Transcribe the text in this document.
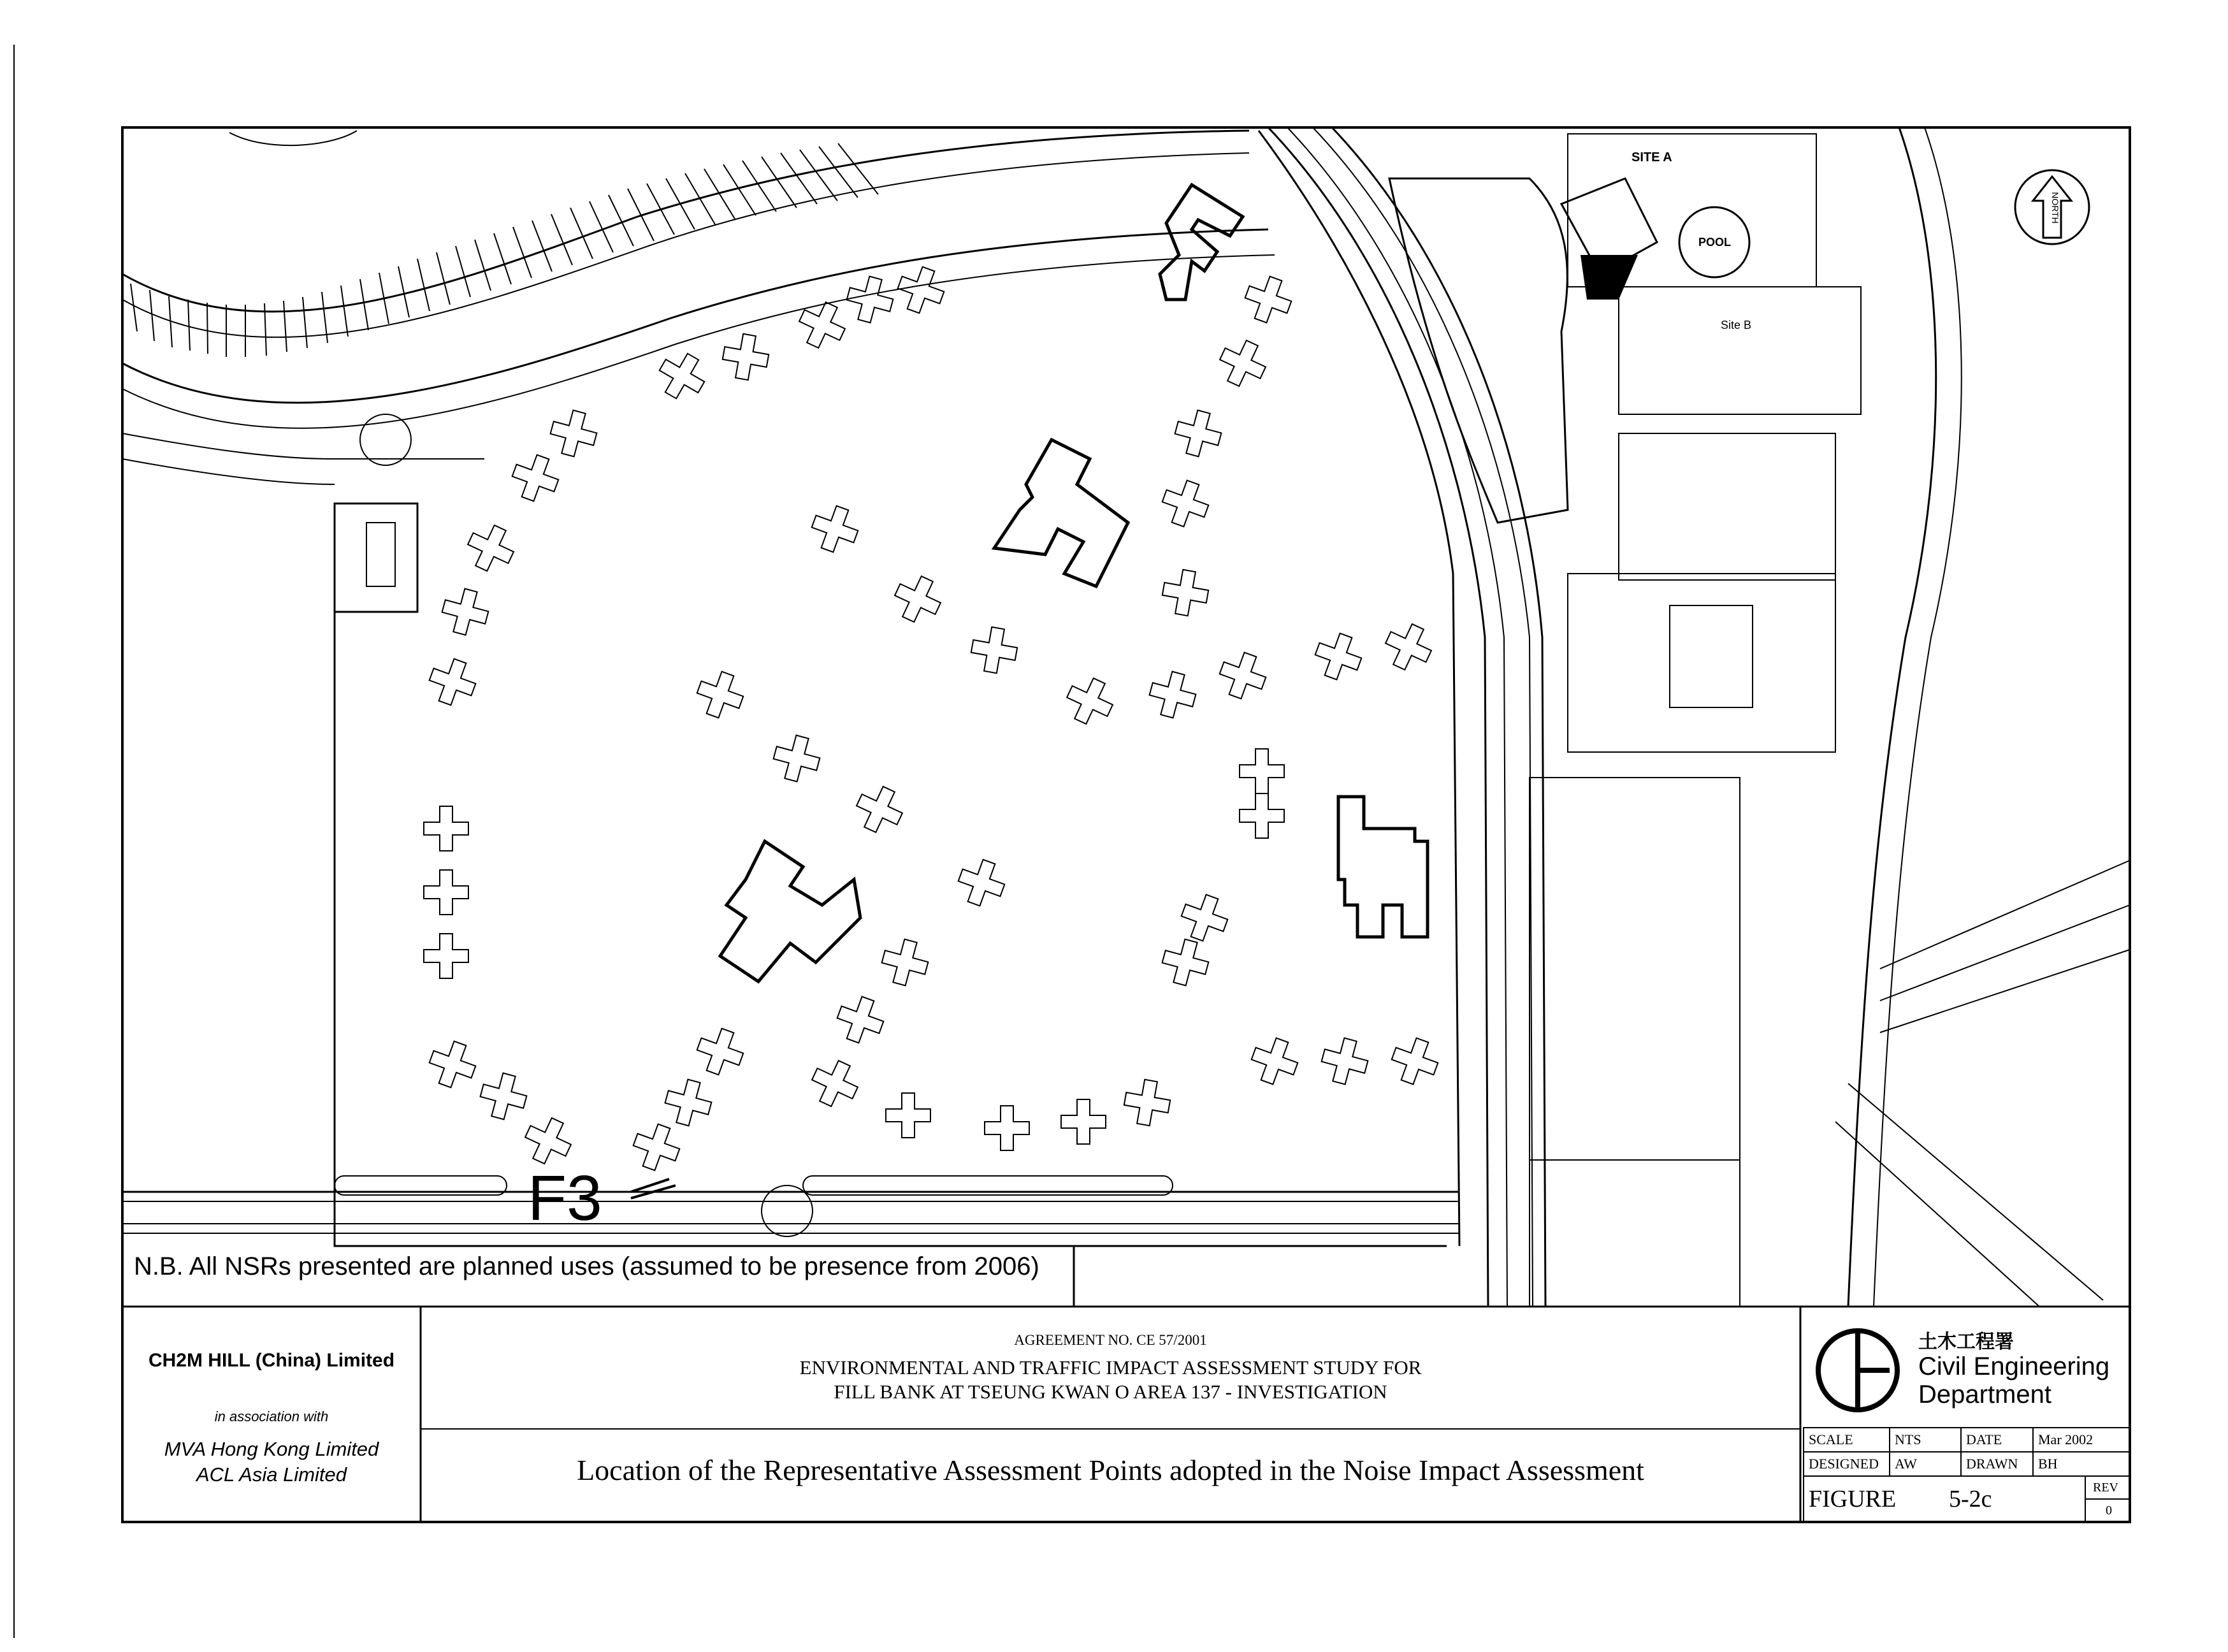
SITE A
POOL
Site B
NORTH
F3
N.B. All NSRs presented are planned uses (assumed to be presence from 2006)
CH2M HILL (China) Limited
in association with
MVA Hong Kong Limited
ACL Asia Limited
AGREEMENT NO. CE 57/2001
ENVIRONMENTAL AND TRAFFIC IMPACT ASSESSMENT STUDY FOR
FILL BANK AT TSEUNG KWAN O AREA 137 - INVESTIGATION
Location of the Representative Assessment Points adopted in the Noise Impact Assessment
土木工程署
Civil Engineering
Department
SCALE	NTS	DATE	Mar 2002
DESIGNED	AW	DRAWN	BH
FIGURE	5-2c	REV
0
